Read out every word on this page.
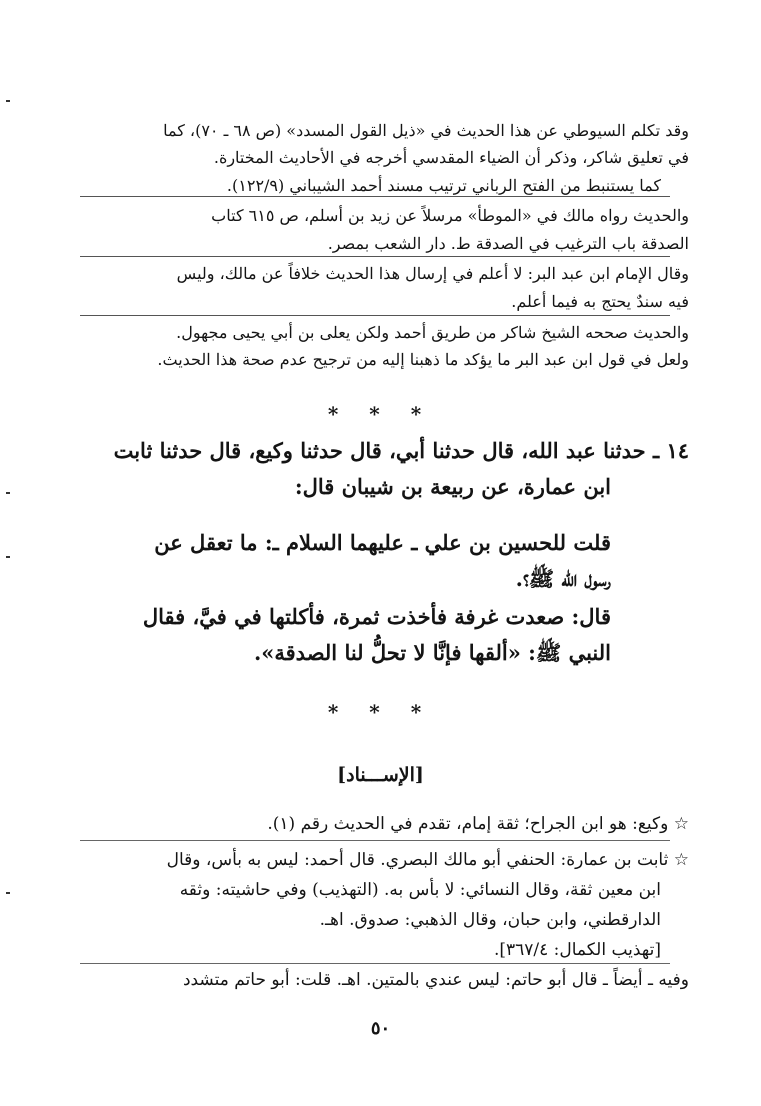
وقد تكلم السيوطي عن هذا الحديث في «ذيل القول المسدد» (ص ٦٨ ـ ٧٠)، كما
في تعليق شاكر، وذكر أن الضياء المقدسي أخرجه في الأحاديث المختارة.
كما يستنبط من الفتح الرباني ترتيب مسند أحمد الشيباني (١٢٢/٩).
والحديث رواه مالك في «الموطأ» مرسلاً عن زيد بن أسلم، ص ٦١٥ كتاب
الصدقة باب الترغيب في الصدقة ط. دار الشعب بمصر.
وقال الإمام ابن عبد البر: لا أعلم في إرسال هذا الحديث خلافاً عن مالك، وليس
فيه سندٌ يحتج به فيما أعلم.
والحديث صححه الشيخ شاكر من طريق أحمد ولكن يعلى بن أبي يحيى مجهول.
ولعل في قول ابن عبد البر ما يؤكد ما ذهبنا إليه من ترجيح عدم صحة هذا الحديث.
* * *
١٤ ـ حدثنا عبد الله، قال حدثنا أبي، قال حدثنا وكيع، قال حدثنا ثابت
ابن عمارة، عن ربيعة بن شيبان قال:
قلت للحسين بن علي ـ عليهما السلام ـ: ما تعقل عن
رسول الله ﷺ؟.
قال: صعدت غرفة فأخذت ثمرة، فأكلتها في فيَّ، فقال
النبي ﷺ: «ألقها فإنَّا لا تحلُّ لنا الصدقة».
* * *
[الإســـناد]
☆ وكيع: هو ابن الجراح؛ ثقة إمام، تقدم في الحديث رقم (١).
☆ ثابت بن عمارة: الحنفي أبو مالك البصري. قال أحمد: ليس به بأس، وقال
ابن معين ثقة، وقال النسائي: لا بأس به. (التهذيب) وفي حاشيته: وثقه
الدارقطني، وابن حبان، وقال الذهبي: صدوق. اهـ.
[تهذيب الكمال: ٣٦٧/٤].
وفيه ـ أيضاً ـ قال أبو حاتم: ليس عندي بالمتين. اهـ. قلت: أبو حاتم متشدد
٥٠
